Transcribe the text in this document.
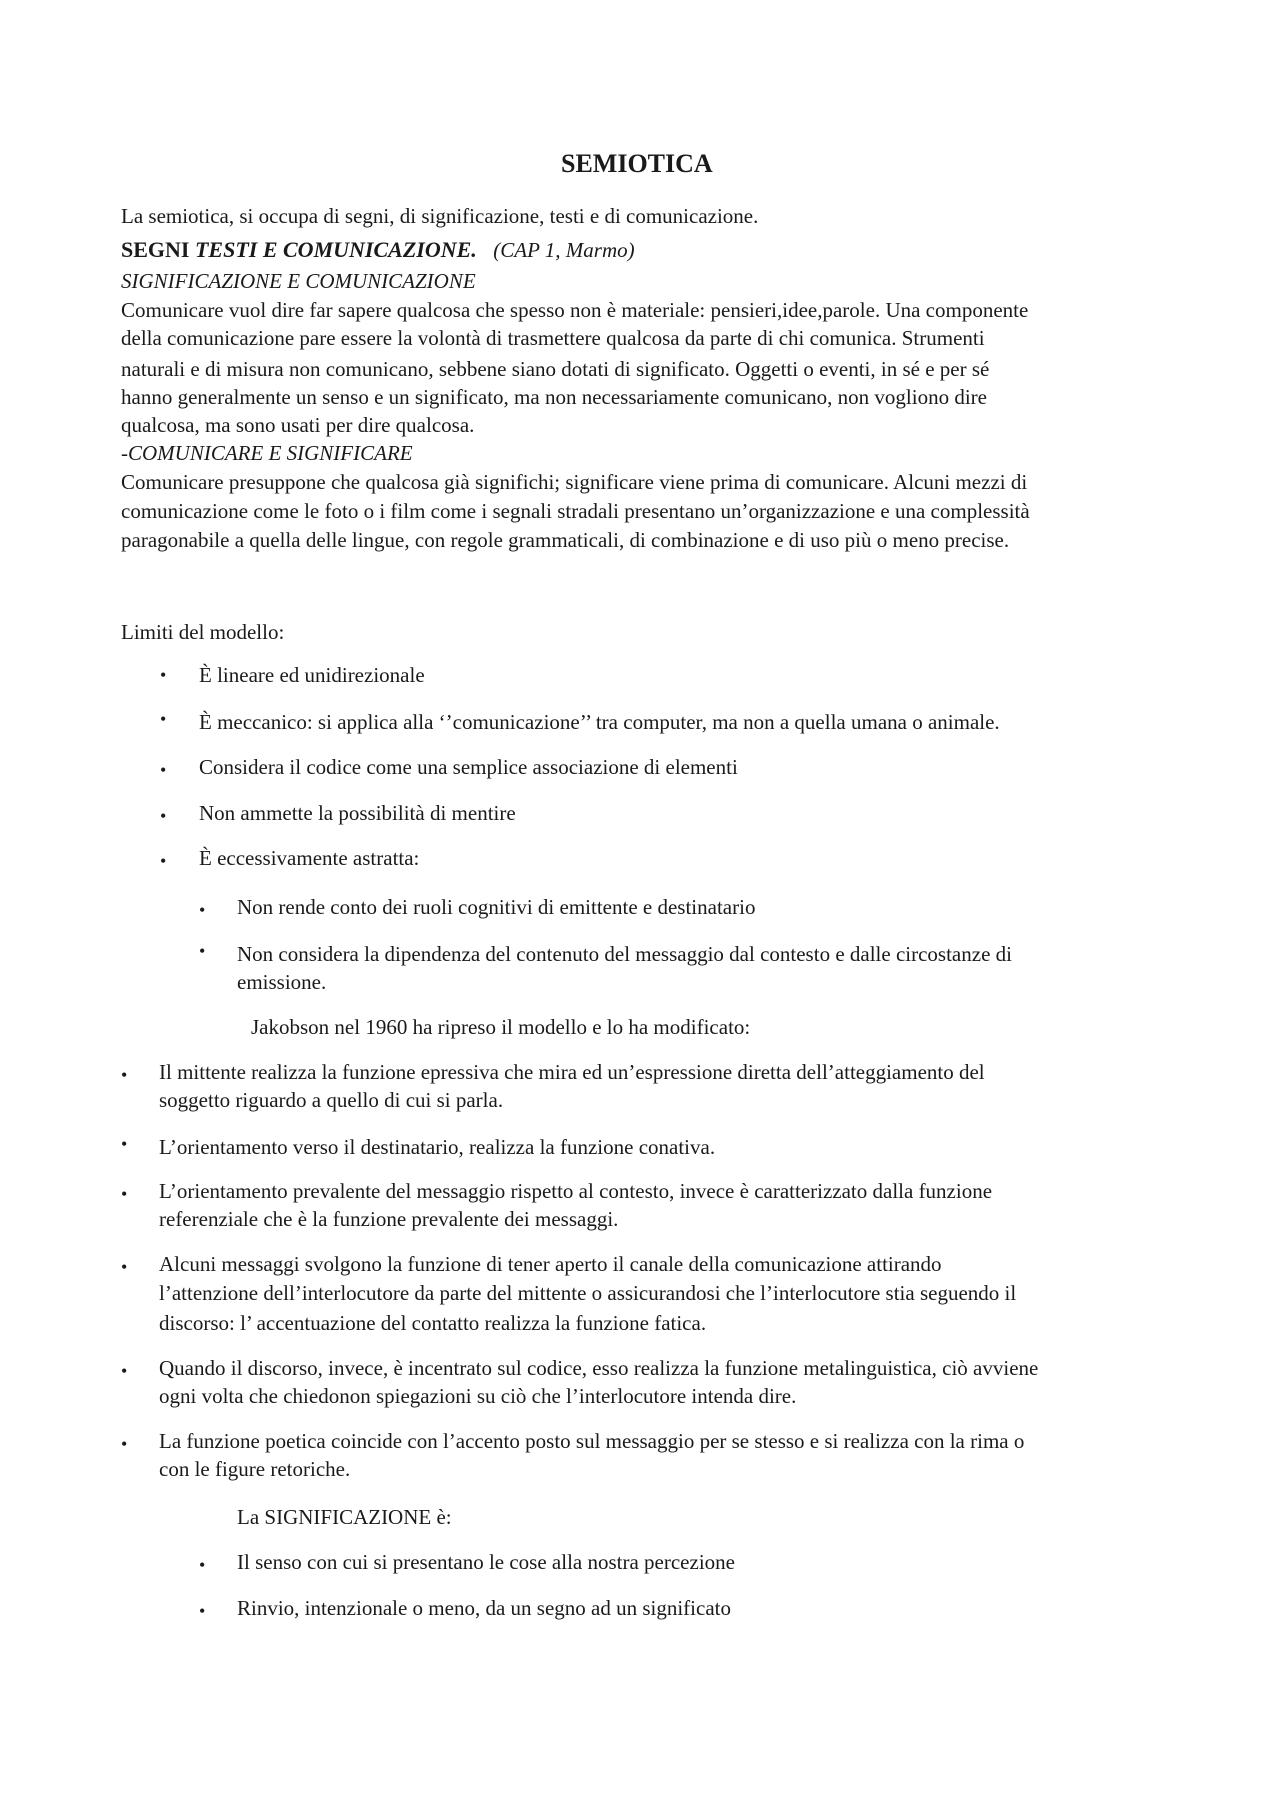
SEMIOTICA
La semiotica, si occupa di segni, di significazione, testi e di comunicazione.
SEGNI TESTI E COMUNICAZIONE. (CAP 1, Marmo)
SIGNIFICAZIONE E COMUNICAZIONE
Comunicare vuol dire far sapere qualcosa che spesso non è materiale: pensieri,idee,parole. Una componente
della comunicazione pare essere la volontà di trasmettere qualcosa da parte di chi comunica. Strumenti
naturali e di misura non comunicano, sebbene siano dotati di significato. Oggetti o eventi, in sé e per sé
hanno generalmente un senso e un significato, ma non necessariamente comunicano, non vogliono dire
qualcosa, ma sono usati per dire qualcosa.
-COMUNICARE E SIGNIFICARE
Comunicare presuppone che qualcosa già significhi; significare viene prima di comunicare. Alcuni mezzi di
comunicazione come le foto o i film come i segnali stradali presentano un’organizzazione e una complessità
paragonabile a quella delle lingue, con regole grammaticali, di combinazione e di uso più o meno precise.
Limiti del modello:
• È lineare ed unidirezionale
• È meccanico: si applica alla ‘’comunicazione’’ tra computer, ma non a quella umana o animale.
• Considera il codice come una semplice associazione di elementi
• Non ammette la possibilità di mentire
• È eccessivamente astratta:
• Non rende conto dei ruoli cognitivi di emittente e destinatario
• Non considera la dipendenza del contenuto del messaggio dal contesto e dalle circostanze di
emissione.
Jakobson nel 1960 ha ripreso il modello e lo ha modificato:
• Il mittente realizza la funzione epressiva che mira ed un’espressione diretta dell’atteggiamento del
soggetto riguardo a quello di cui si parla.
• L’orientamento verso il destinatario, realizza la funzione conativa.
• L’orientamento prevalente del messaggio rispetto al contesto, invece è caratterizzato dalla funzione
referenziale che è la funzione prevalente dei messaggi.
• Alcuni messaggi svolgono la funzione di tener aperto il canale della comunicazione attirando
l’attenzione dell’interlocutore da parte del mittente o assicurandosi che l’interlocutore stia seguendo il
discorso: l’ accentuazione del contatto realizza la funzione fatica.
• Quando il discorso, invece, è incentrato sul codice, esso realizza la funzione metalinguistica, ciò avviene
ogni volta che chiedonon spiegazioni su ciò che l’interlocutore intenda dire.
• La funzione poetica coincide con l’accento posto sul messaggio per se stesso e si realizza con la rima o
con le figure retoriche.
La SIGNIFICAZIONE è:
• Il senso con cui si presentano le cose alla nostra percezione
• Rinvio, intenzionale o meno, da un segno ad un significato
